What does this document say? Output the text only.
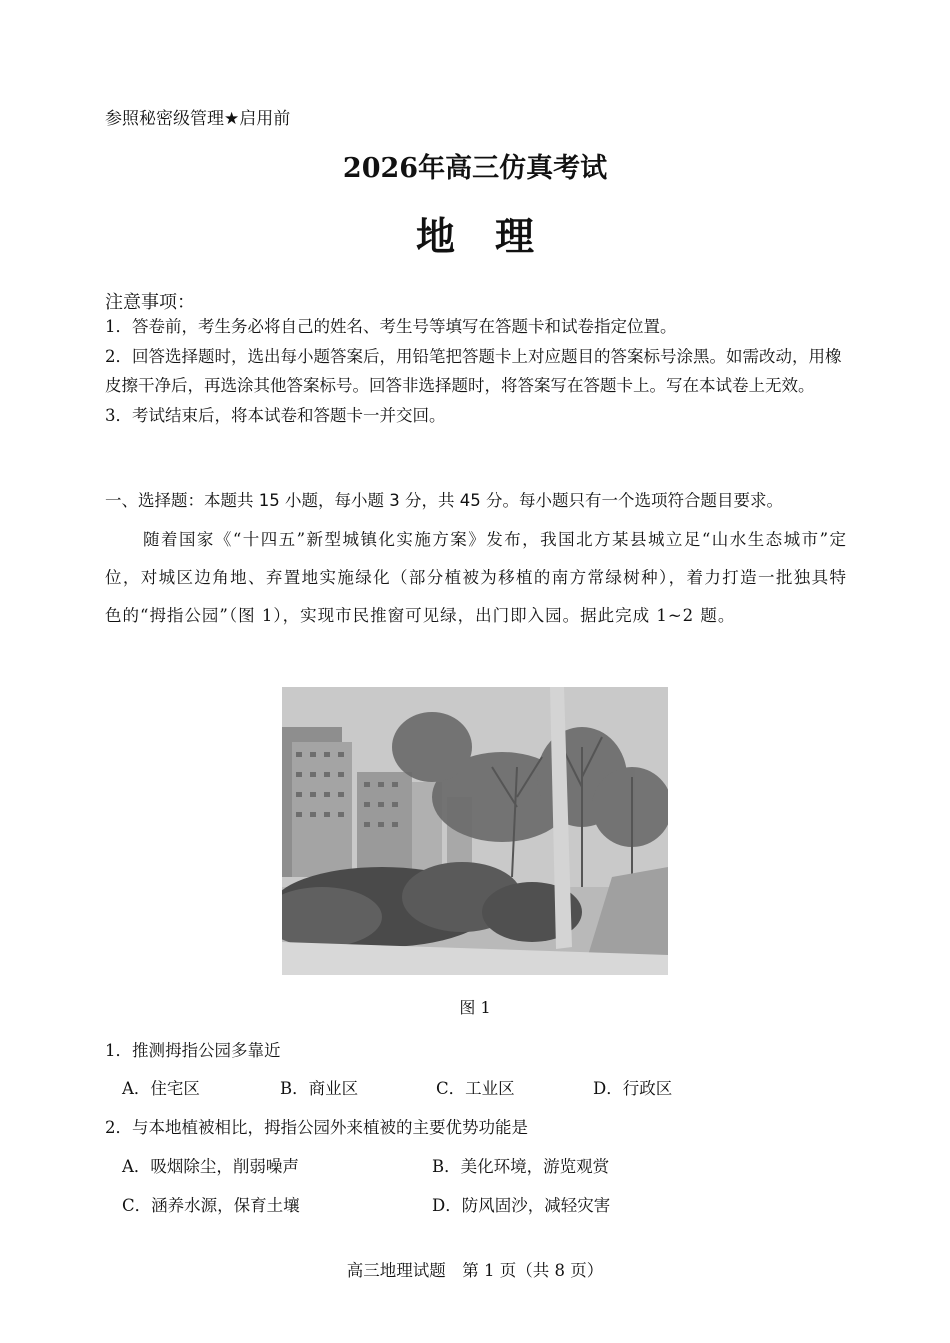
参照秘密级管理★启用前
2026年高三仿真考试
地理
注意事项：

1．答卷前，考生务必将自己的姓名、考生号等填写在答题卡和试卷指定位置。

2．回答选择题时，选出每小题答案后，用铅笔把答题卡上对应题目的答案标号涂黑。如需改动，用橡皮擦干净后，再选涂其他答案标号。回答非选择题时，将答案写在答题卡上。写在本试卷上无效。

3．考试结束后，将本试卷和答题卡一并交回。

一、选择题：本题共 15 小题，每小题 3 分，共 45 分。每小题只有一个选项符合题目要求。
随着国家《“十四五”新型城镇化实施方案》发布，我国北方某县城立足“山水生态城市”定位，对城区边角地、弃置地实施绿化（部分植被为移植的南方常绿树种），着力打造一批独具特色的“拇指公园”（图 1），实现市民推窗可见绿，出门即入园。据此完成 1~2 题。
图 1
1．推测拇指公园多靠近
A．住宅区	B．商业区	C．工业区	D．行政区
2．与本地植被相比，拇指公园外来植被的主要优势功能是
A．吸烟除尘，削弱噪声	B．美化环境，游览观赏
C．涵养水源，保育土壤	D．防风固沙，减轻灾害
高三地理试题　第 1 页（共 8 页）
